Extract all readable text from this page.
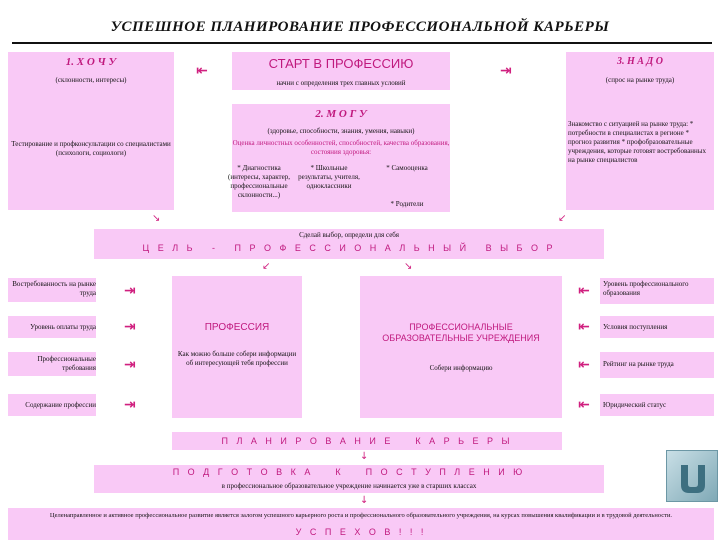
УСПЕШНОЕ ПЛАНИРОВАНИЕ ПРОФЕССИОНАЛЬНОЙ КАРЬЕРЫ
1. Х О Ч У
(склонности, интересы)
Тестирование и профконсультации со специалистами (психологи, социологи)
СТАРТ В ПРОФЕССИЮ
начни с определения трех главных условий
3. Н А Д О
(спрос на рынке труда)
Знакомство с ситуацией на рынке труда: * потребности в специалистах в регионе * прогноз развития * профобразовательные учреждения, которые готовят востребованных на рынке специалистов
2. М О Г У
(здоровье, способности, знания, умения, навыки)
Оценка личностных особенностей, способностей, качества образования, состояния здоровья:
* Диагностика (интересы, характер, профессиональные склонности...)
* Школьные результаты, учителя, одноклассники
* Самооценка
* Родители
⇤	⇥
↘	↙
Сделай выбор, определи для себя
Ц Е Л Ь   -   П Р О Ф Е С С И О Н А Л Ь Н Ы Й   В Ы Б О Р
↙	↘
Востребованность на рынке труда
Уровень оплаты труда
Профессиональные требования
Содержание профессии
⇥
⇥
⇥
⇥
ПРОФЕССИЯ
Как можно больше собери информации об интересующей тебя профессии
ПРОФЕССИОНАЛЬНЫЕ ОБРАЗОВАТЕЛЬНЫЕ УЧРЕЖДЕНИЯ
Собери информацию
⇤
⇤
⇤
⇤
Уровень профессионального образования
Условия поступления
Рейтинг на рынке труда
Юридический статус
П Л А Н И Р О В А Н И Е    К А Р Ь Е Р Ы
↓
П О Д Г О Т О В К А    К    П О С Т У П Л Е Н И Ю
в профессиональное образовательное учреждение начинается уже в старших классах
↓
Целенаправленное и активное профессиональное развитие является залогом успешного карьерного роста и профессионального образовательного учреждения, на курсах повышения квалификации и в трудовой деятельности.
У С П Е Х О В ! ! !
